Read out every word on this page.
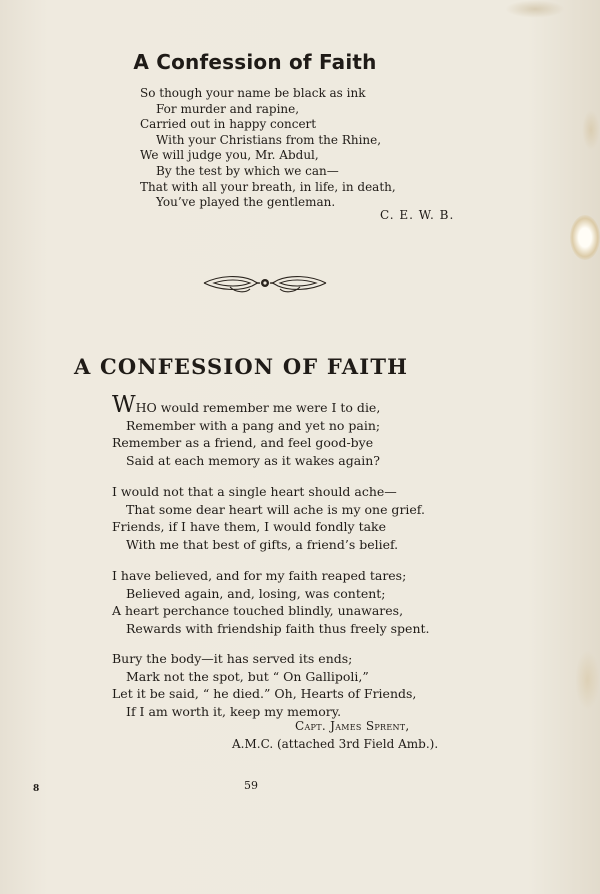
A Confession of Faith
So though your name be black as ink
For murder and rapine,
Carried out in happy concert
With your Christians from the Rhine,
We will judge you, Mr. Abdul,
By the test by which we can—
That with all your breath, in life, in death,
You’ve played the gentleman.
C. E. W. B.
A CONFESSION OF FAITH
WHO would remember me were I to die,
Remember with a pang and yet no pain;
Remember as a friend, and feel good-bye
Said at each memory as it wakes again?
I would not that a single heart should ache—
That some dear heart will ache is my one grief.
Friends, if I have them, I would fondly take
With me that best of gifts, a friend’s belief.
I have believed, and for my faith reaped tares;
Believed again, and, losing, was content;
A heart perchance touched blindly, unawares,
Rewards with friendship faith thus freely spent.
Bury the body—it has served its ends;
Mark not the spot, but “ On Gallipoli,”
Let it be said, “ he died.” Oh, Hearts of Friends,
If I am worth it, keep my memory.
Capt. James Sprent,
A.M.C. (attached 3rd Field Amb.).
8	59
